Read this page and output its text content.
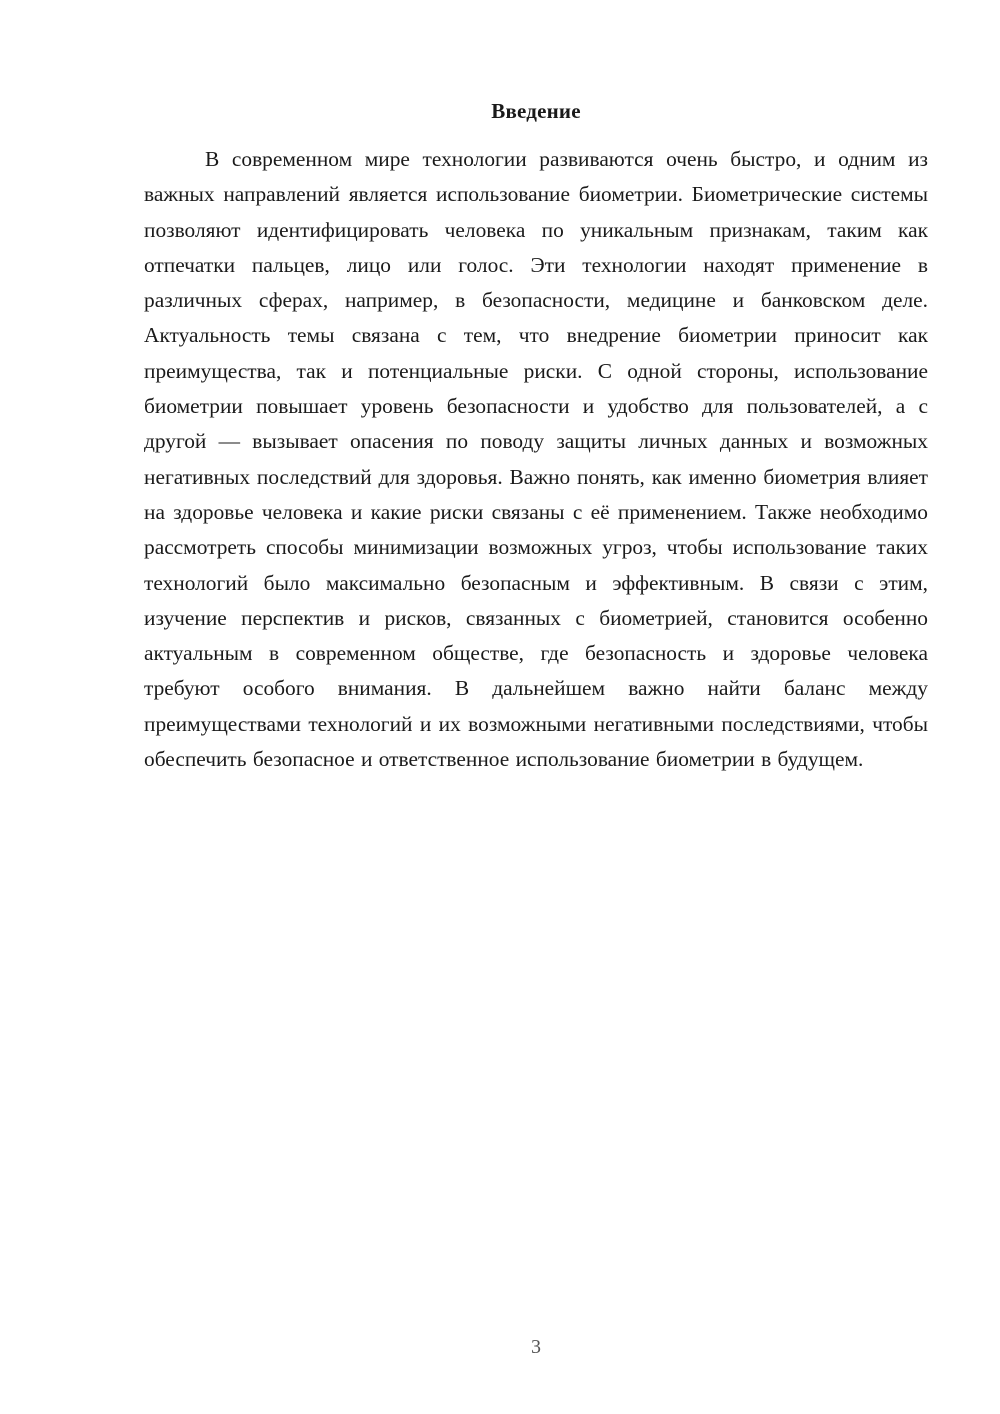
Введение

В современном мире технологии развиваются очень быстро, и одним из важных направлений является использование биометрии. Биометрические системы позволяют идентифицировать человека по уникальным признакам, таким как отпечатки пальцев, лицо или голос. Эти технологии находят применение в различных сферах, например, в безопасности, медицине и банковском деле. Актуальность темы связана с тем, что внедрение биометрии приносит как преимущества, так и потенциальные риски. С одной стороны, использование биометрии повышает уровень безопасности и удобство для пользователей, а с другой — вызывает опасения по поводу защиты личных данных и возможных негативных последствий для здоровья. Важно понять, как именно биометрия влияет на здоровье человека и какие риски связаны с её применением. Также необходимо рассмотреть способы минимизации возможных угроз, чтобы использование таких технологий было максимально безопасным и эффективным. В связи с этим, изучение перспектив и рисков, связанных с биометрией, становится особенно актуальным в современном обществе, где безопасность и здоровье человека требуют особого внимания. В дальнейшем важно найти баланс между преимуществами технологий и их возможными негативными последствиями, чтобы обеспечить безопасное и ответственное использование биометрии в будущем.

3
